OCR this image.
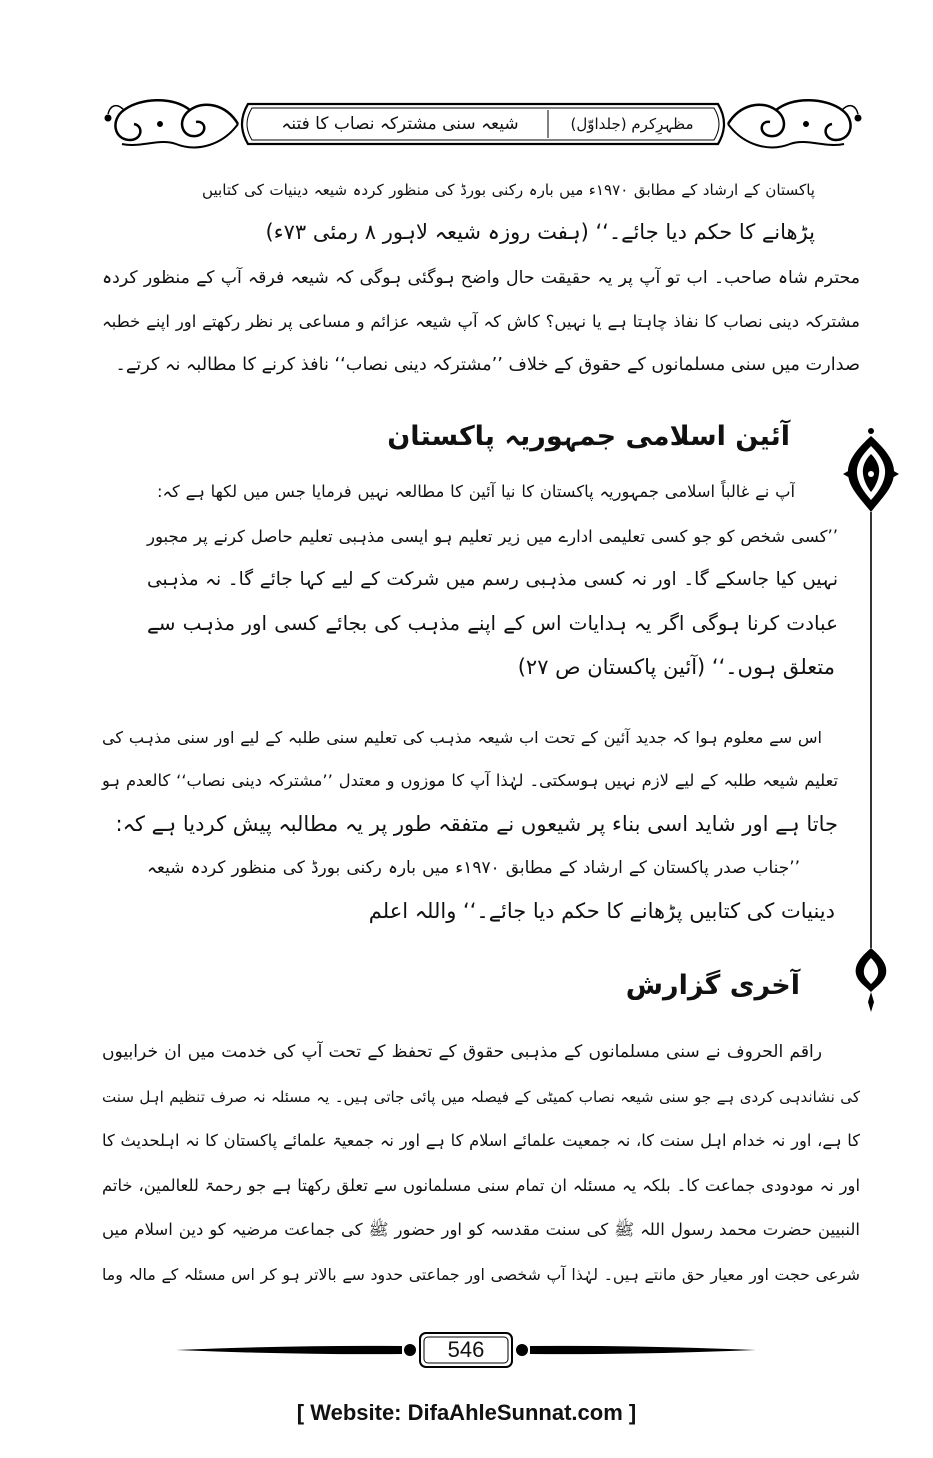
مظہرِکرم (جلداوّل)
شیعہ سنی مشترکہ نصاب کا فتنہ
پاکستان کے ارشاد کے مطابق ۱۹۷۰ء میں بارہ رکنی بورڈ کی منظور کردہ شیعہ دینیات کی کتابیں
پڑھانے کا حکم دیا جائے۔‘‘ (ہفت روزہ شیعہ لاہور ۸ رمئی ۷۳ء)
محترم شاہ صاحب۔ اب تو آپ پر یہ حقیقت حال واضح ہوگئی ہوگی کہ شیعہ فرقہ آپ کے منظور کردہ
مشترکہ دینی نصاب کا نفاذ چاہتا ہے یا نہیں؟ کاش کہ آپ شیعہ عزائم و مساعی پر نظر رکھتے اور اپنے خطبہ
صدارت میں سنی مسلمانوں کے حقوق کے خلاف ’’مشترکہ دینی نصاب‘‘ نافذ کرنے کا مطالبہ نہ کرتے۔
آئین اسلامی جمہوریہ پاکستان
آپ نے غالباً اسلامی جمہوریہ پاکستان کا نیا آئین کا مطالعہ نہیں فرمایا جس میں لکھا ہے کہ:
’’کسی شخص کو جو کسی تعلیمی ادارے میں زیر تعلیم ہو ایسی مذہبی تعلیم حاصل کرنے پر مجبور
نہیں کیا جاسکے گا۔ اور نہ کسی مذہبی رسم میں شرکت کے لیے کہا جائے گا۔ نہ مذہبی
عبادت کرنا ہوگی اگر یہ ہدایات اس کے اپنے مذہب کی بجائے کسی اور مذہب سے
متعلق ہوں۔‘‘ (آئین پاکستان ص ۲۷)
اس سے معلوم ہوا کہ جدید آئین کے تحت اب شیعہ مذہب کی تعلیم سنی طلبہ کے لیے اور سنی مذہب کی
تعلیم شیعہ طلبہ کے لیے لازم نہیں ہوسکتی۔ لہٰذا آپ کا موزوں و معتدل ’’مشترکہ دینی نصاب‘‘ کالعدم ہو
جاتا ہے اور شاید اسی بناء پر شیعوں نے متفقہ طور پر یہ مطالبہ پیش کردیا ہے کہ:
’’جناب صدر پاکستان کے ارشاد کے مطابق ۱۹۷۰ء میں بارہ رکنی بورڈ کی منظور کردہ شیعہ
دینیات کی کتابیں پڑھانے کا حکم دیا جائے۔‘‘ واللہ اعلم
آخری گزارش
راقم الحروف نے سنی مسلمانوں کے مذہبی حقوق کے تحفظ کے تحت آپ کی خدمت میں ان خرابیوں
کی نشاندہی کردی ہے جو سنی شیعہ نصاب کمیٹی کے فیصلہ میں پائی جاتی ہیں۔ یہ مسئلہ نہ صرف تنظیم اہل سنت
کا ہے، اور نہ خدام اہل سنت کا، نہ جمعیت علمائے اسلام کا ہے اور نہ جمعیۃ علمائے پاکستان کا نہ اہلحدیث کا
اور نہ مودودی جماعت کا۔ بلکہ یہ مسئلہ ان تمام سنی مسلمانوں سے تعلق رکھتا ہے جو رحمۃ للعالمین، خاتم
النبیین حضرت محمد رسول اللہ ﷺ کی سنت مقدسہ کو اور حضور ﷺ کی جماعت مرضیہ کو دین اسلام میں
شرعی حجت اور معیار حق مانتے ہیں۔ لہٰذا آپ شخصی اور جماعتی حدود سے بالاتر ہو کر اس مسئلہ کے مالہ وما
546
[ Website: DifaAhleSunnat.com ]
